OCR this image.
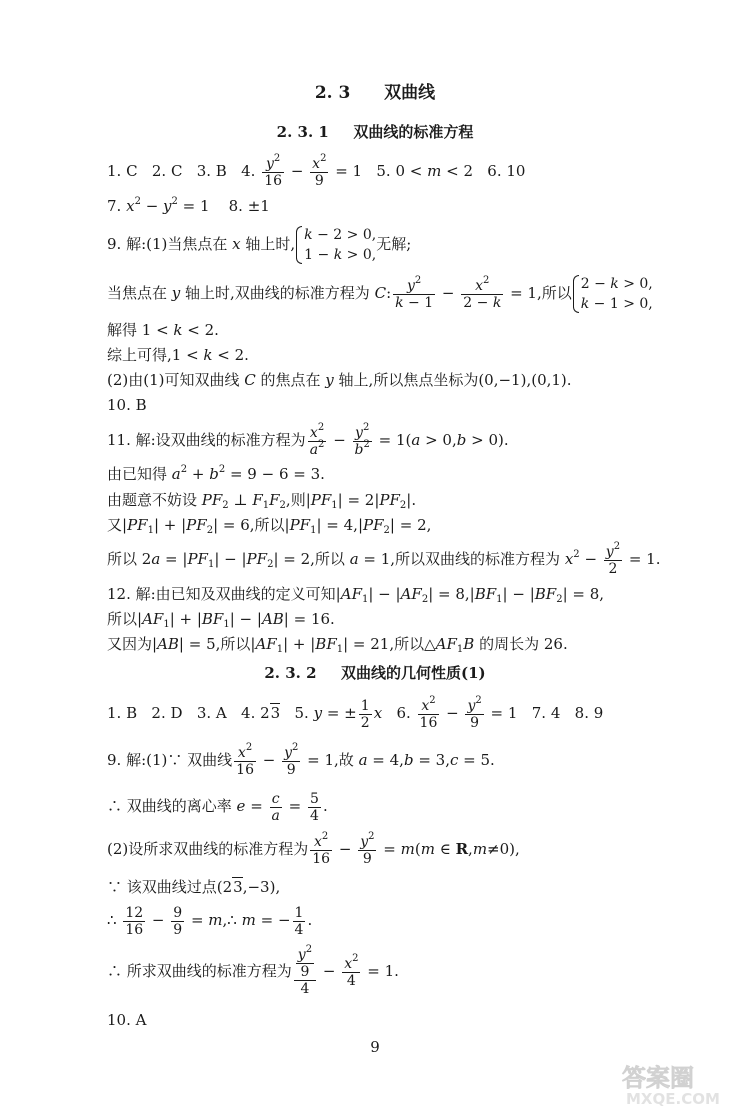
2. 3 双曲线
2. 3. 1 双曲线的标准方程
1. C   2. C   3. B   4. $\frac{y^2}{16} - \frac{x^2}{9} = 1$   5. 0 < m < 2   6. 10
7. $x^2 - y^2 = 1$    8. ±1
9. 解:(1)当焦点在 x 轴上时, k − 2 > 0,
1 − k > 0,
无解;
当焦点在 y 轴上时,双曲线的标准方程为 C: $\frac{y^2}{k - 1} - \frac{x^2}{2 - k} = 1$,所以 2 − k > 0,
k − 1 > 0,
解得 1 < k < 2.
综上可得,1 < k < 2.
(2)由(1)可知双曲线 C 的焦点在 y 轴上,所以焦点坐标为(0,−1),(0,1).
10. B
11. 解:设双曲线的标准方程为 $\frac{x^2}{a^2} - \frac{y^2}{b^2} = 1(a > 0,b > 0)$.
由已知得 $a^2 + b^2 = 9 - 6 = 3$.
由题意不妨设 $PF_2$ ⊥ $F_1F_2$,则$|PF_1| = 2|PF_2|$.
又$|PF_1| + |PF_2| = 6$,所以$|PF_1| = 4,|PF_2| = 2$,
所以 $2a = |PF_1| - |PF_2| = 2$,所以 a = 1,所以双曲线的标准方程为 $x^2 - \frac{y^2}{2} = 1$.
12. 解:由已知及双曲线的定义可知$|AF_1| - |AF_2| = 8,|BF_1| - |BF_2| = 8$,
所以$|AF_1| + |BF_1| - |AB| = 16$.
又因为|AB| = 5,所以$|AF_1| + |BF_1| = 21$,所以$\triangle AF_1B$ 的周长为 26.
2. 3. 2 双曲线的几何性质(1)
1. B   2. D   3. A   4. 23   5. y = ± $\frac{1}{2}$ x   6. $\frac{x^2}{16} - \frac{y^2}{9} = 1$   7. 4   8. 9
9. 解:(1)∵ 双曲线 $\frac{x^2}{16} - \frac{y^2}{9} = 1$,故 a = 4,b = 3,c = 5.
∴ 双曲线的离心率 $e = \frac{c}{a} = \frac{5}{4}$ .
(2)设所求双曲线的标准方程为 $\frac{x^2}{16} - \frac{y^2}{9} = m(m$ ∈ R,m≠0),
∵ 该双曲线过点(23,−3),
∴ $\frac{12}{16} - \frac{9}{9}$ = m,∴ m = − $\frac{1}{4}$ .
∴ 所求双曲线的标准方程为 $\frac{\frac{y^2}{9}}{4} - \frac{x^2}{4} = 1$.
10. A
9
答案圈
MXQE.COM
